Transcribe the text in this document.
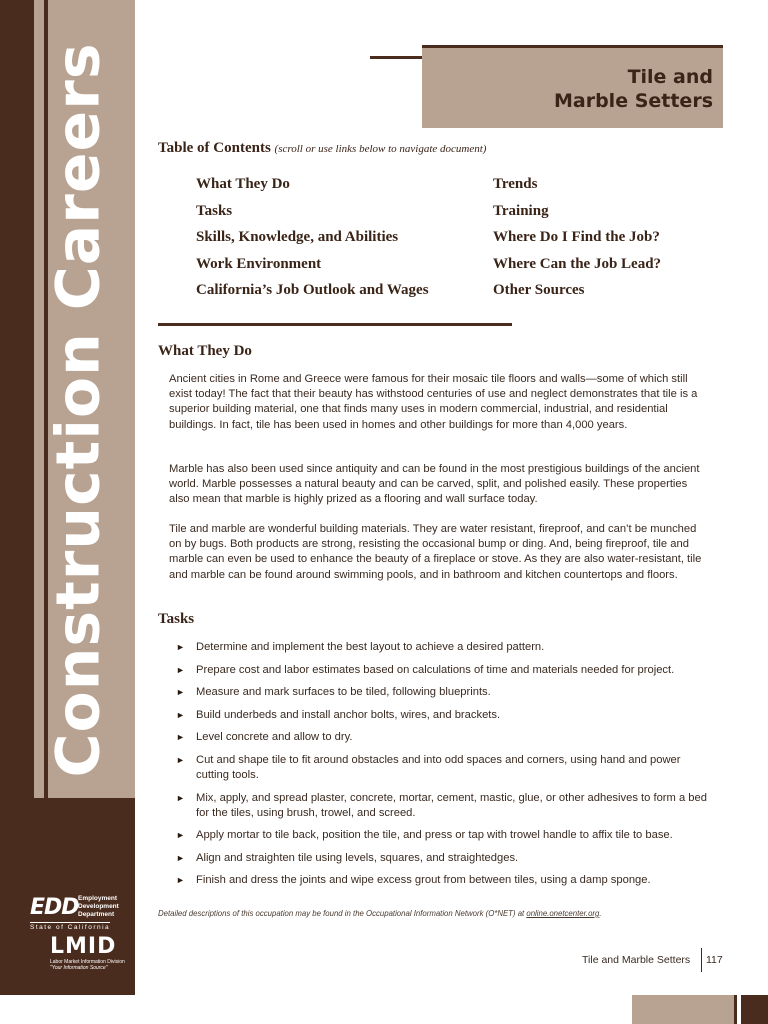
Construction Careers
EDD Employment
Development
Department
State of California
LMID
Labor Market Information Division
"Your Information Source"
Tile and
Marble Setters
Table of Contents (scroll or use links below to navigate document)
What They Do
Tasks
Skills, Knowledge, and Abilities
Work Environment
California’s Job Outlook and Wages
Trends
Training
Where Do I Find the Job?
Where Can the Job Lead?
Other Sources
What They Do

Ancient cities in Rome and Greece were famous for their mosaic tile floors and walls—some of which still exist today! The fact that their beauty has withstood centuries of use and neglect demonstrates that tile is a superior building material, one that finds many uses in modern commercial, industrial, and residential buildings. In fact, tile has been used in homes and other buildings for more than 4,000 years.

Marble has also been used since antiquity and can be found in the most prestigious buildings of the ancient world. Marble possesses a natural beauty and can be carved, split, and polished easily. These properties also mean that marble is highly prized as a flooring and wall surface today.

Tile and marble are wonderful building materials. They are water resistant, fireproof, and can’t be munched on by bugs. Both products are strong, resisting the occasional bump or ding. And, being fireproof, tile and marble can even be used to enhance the beauty of a fireplace or stove. As they are also water-resistant, tile and marble can be found around swimming pools, and in bathroom and kitchen countertops and floors.

Tasks
► Determine and implement the best layout to achieve a desired pattern.
► Prepare cost and labor estimates based on calculations of time and materials needed for project.
► Measure and mark surfaces to be tiled, following blueprints.
► Build underbeds and install anchor bolts, wires, and brackets.
► Level concrete and allow to dry.
► Cut and shape tile to fit around obstacles and into odd spaces and corners, using hand and power cutting tools.
► Mix, apply, and spread plaster, concrete, mortar, cement, mastic, glue, or other adhesives to form a bed for the tiles, using brush, trowel, and screed.
► Apply mortar to tile back, position the tile, and press or tap with trowel handle to affix tile to base.
► Align and straighten tile using levels, squares, and straightedges.
► Finish and dress the joints and wipe excess grout from between tiles, using a damp sponge.
Detailed descriptions of this occupation may be found in the Occupational Information Network (O*NET) at online.onetcenter.org.
Tile and Marble Setters 117
